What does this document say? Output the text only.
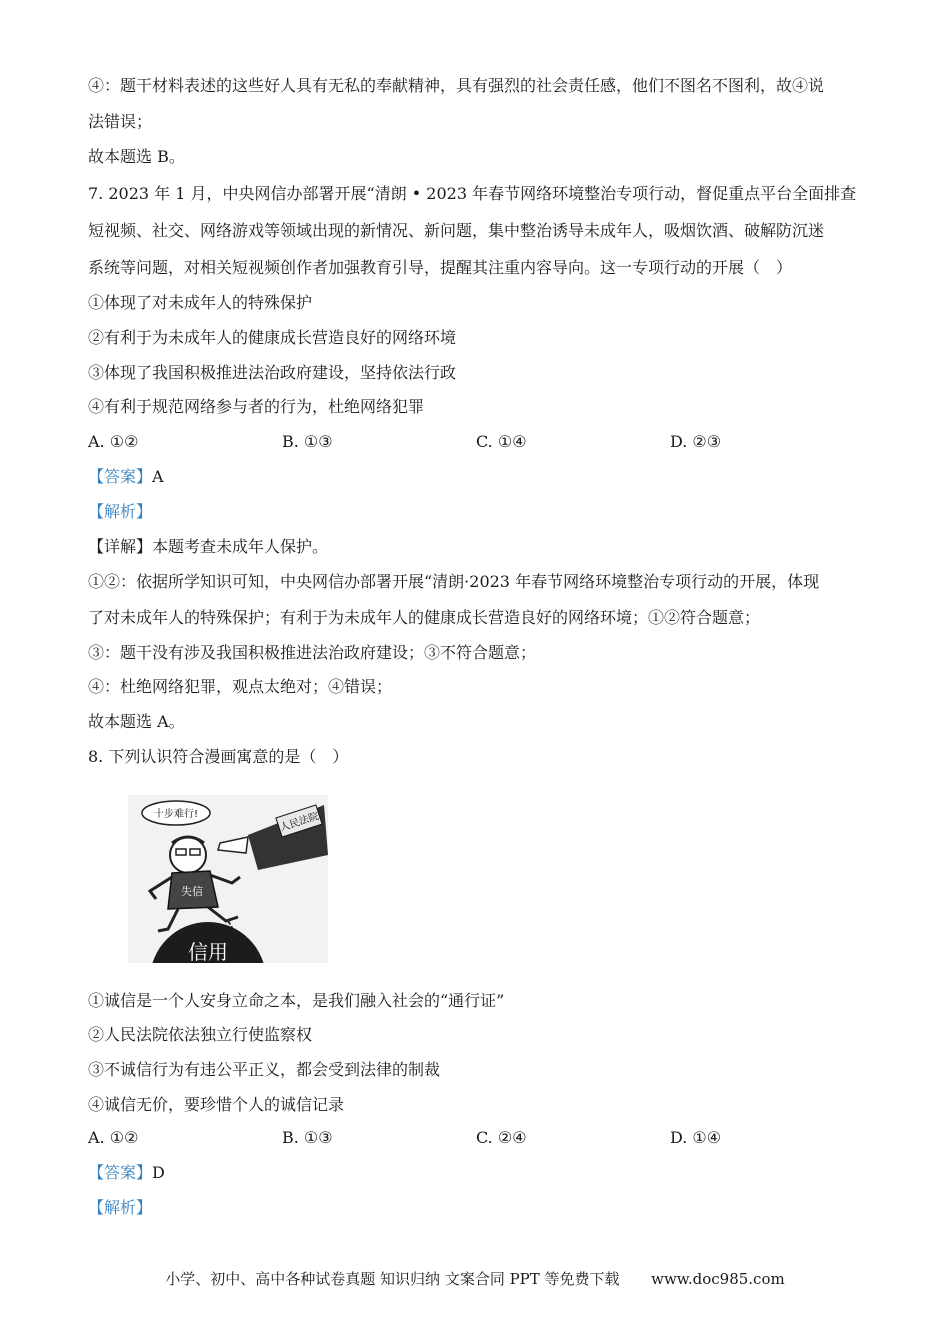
④：题干材料表述的这些好人具有无私的奉献精神，具有强烈的社会责任感，他们不图名不图利，故④说
法错误；
故本题选 B。
7. 2023 年 1 月，中央网信办部署开展“清朗 • 2023 年春节网络环境整治专项行动，督促重点平台全面排查
短视频、社交、网络游戏等领域出现的新情况、新问题，集中整治诱导未成年人，吸烟饮酒、破解防沉迷
系统等问题，对相关短视频创作者加强教育引导，提醒其注重内容导向。这一专项行动的开展（　）
①体现了对未成年人的特殊保护
②有利于为未成年人的健康成长营造良好的网络环境
③体现了我国积极推进法治政府建设，坚持依法行政
④有利于规范网络参与者的行为，杜绝网络犯罪
A. ①②	B. ①③	C. ①④	D. ②③
【答案】A
【解析】
【详解】本题考查未成年人保护。
①②：依据所学知识可知，中央网信办部署开展“清朗·2023 年春节网络环境整治专项行动的开展，体现
了对未成年人的特殊保护；有利于为未成年人的健康成长营造良好的网络环境；①②符合题意；
③：题干没有涉及我国积极推进法治政府建设；③不符合题意；
④：杜绝网络犯罪，观点太绝对；④错误；
故本题选 A。
8. 下列认识符合漫画寓意的是（　）
十步难行!	人民法院
失信
信用
①诚信是一个人安身立命之本，是我们融入社会的“通行证”
②人民法院依法独立行使监察权
③不诚信行为有违公平正义，都会受到法律的制裁
④诚信无价，要珍惜个人的诚信记录
A. ①②	B. ①③	C. ②④	D. ①④
【答案】D
【解析】
小学、初中、高中各种试卷真题 知识归纳 文案合同 PPT 等免费下载 www.doc985.com
